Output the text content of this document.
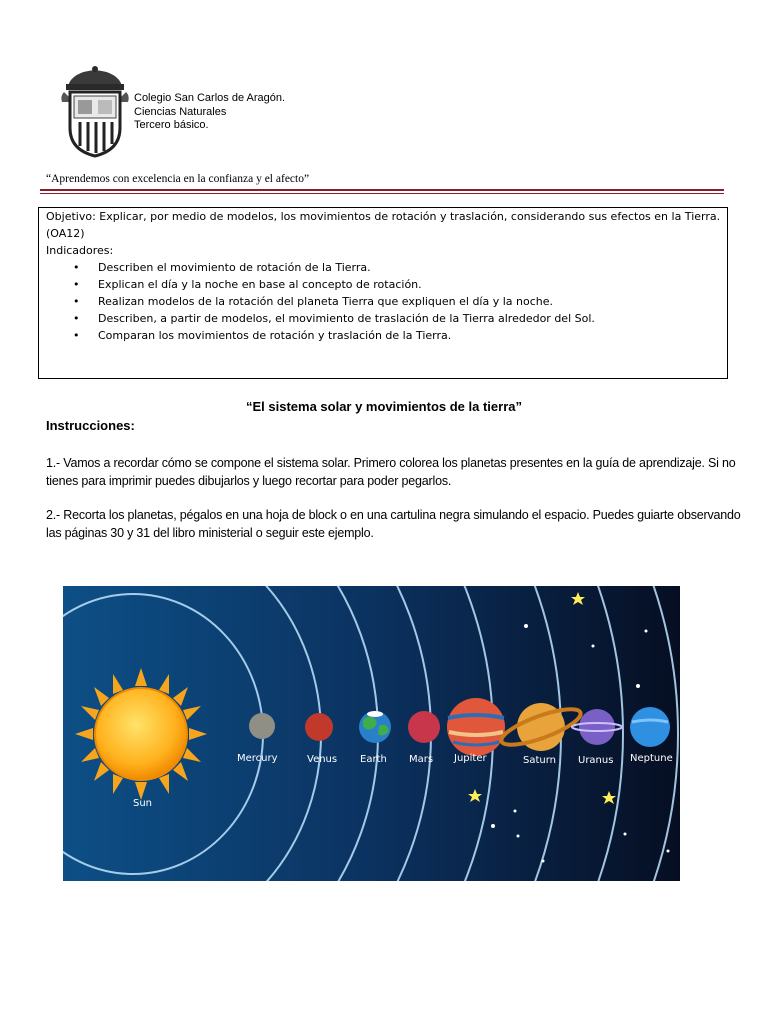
Colegio San Carlos de Aragón.
Ciencias Naturales
Tercero básico.
“Aprendemos con excelencia en la confianza y el afecto”
Objetivo: Explicar, por medio de modelos, los movimientos de rotación y traslación, considerando sus efectos en la Tierra. (OA12)
Indicadores:
• Describen el movimiento de rotación de la Tierra.
• Explican el día y la noche en base al concepto de rotación.
• Realizan modelos de la rotación del planeta Tierra que expliquen el día y la noche.
• Describen, a partir de modelos, el movimiento de traslación de la Tierra alrededor del Sol.
• Comparan los movimientos de rotación y traslación de la Tierra.
“El sistema solar y movimientos de la tierra”
Instrucciones:
1.- Vamos a recordar cómo se compone el sistema solar. Primero colorea los planetas presentes en la guía de aprendizaje. Si no tienes para imprimir puedes dibujarlos y luego recortar para poder pegarlos.
2.- Recorta los planetas, pégalos en una hoja de block o en una cartulina negra simulando el espacio. Puedes guiarte observando las páginas 30 y 31 del libro ministerial o seguir este ejemplo.
Sun
Mercury	Venus Earth Mars Jupiter	Saturn Uranus Neptune
